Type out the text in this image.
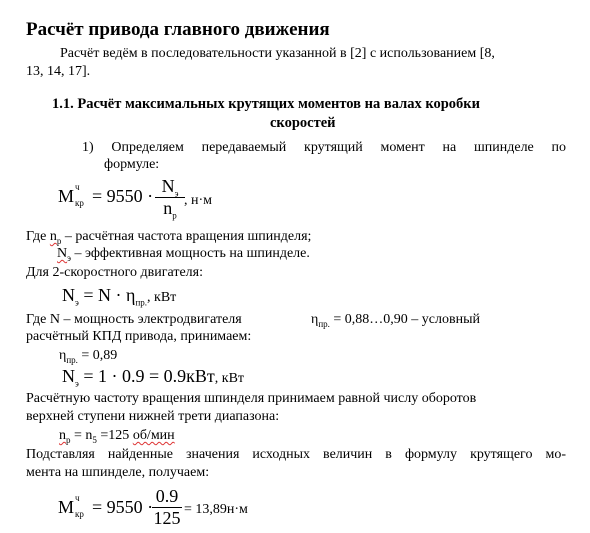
Расчёт привода главного движения
Расчёт ведём в последовательности указанной в [2] с использованием [8,
13, 14, 17].
1.1. Расчёт максимальных крутящих моментов на валах коробки
скоростей
1) Определяем передаваемый крутящий момент на шпинделе по
формуле:
M ч
кр = $9550 \cdot N_э$
$n_р$
, н·м
Где $n_р$ – расчётная частота вращения шпинделя;
$N_э$ – эффективная мощность на шпинделе.
Для 2-скоростного двигателя:
$N_э = N \cdot \eta_{пр.}$, кВт
Где N – мощность электродвигателя	$\eta_{пр.}$ = 0,88…0,90 – условный
расчётный КПД привода, принимаем:
$\eta_{пр.} = 0,89$
$N_э = 1 \cdot 0.9 = 0.9кВт$, кВт
Расчётную частоту вращения шпинделя принимаем равной числу оборотов
верхней ступени нижней трети диапазона:
$n_р = n_5 =125$ об/мин
Подставляя найденные значения исходных величин в формулу крутящего мо-
мента на шпинделе, получаем:
M ч
кр = 9550 ·
0.9
125 = 13,89н·м
